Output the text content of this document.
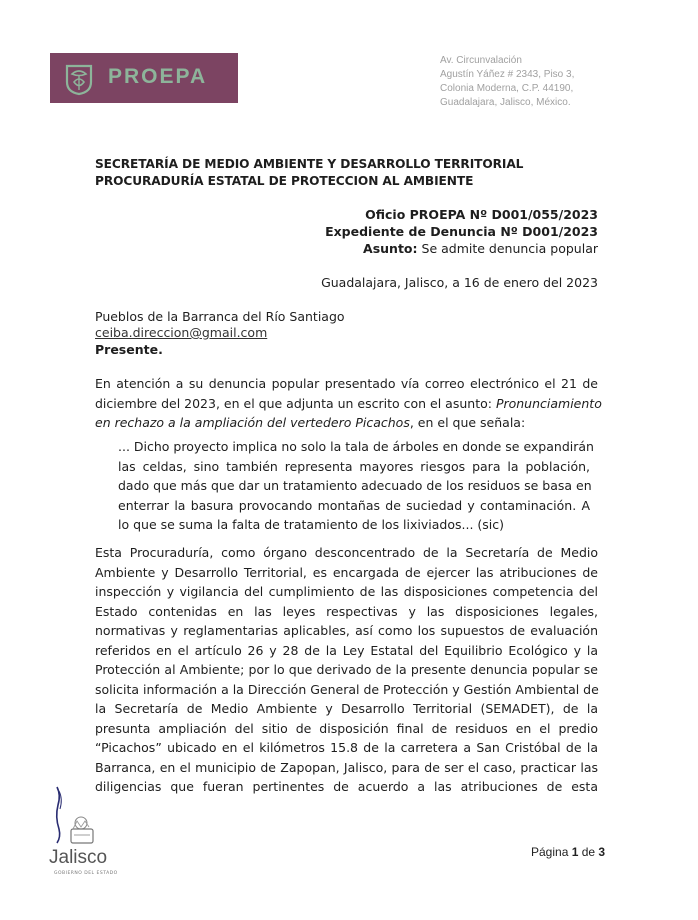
PROEPA
Av. Circunvalación
Agustín Yáñez # 2343, Piso 3,
Colonia Moderna, C.P. 44190,
Guadalajara, Jalisco, México.
SECRETARÍA DE MEDIO AMBIENTE Y DESARROLLO TERRITORIAL
PROCURADURÍA ESTATAL DE PROTECCION AL AMBIENTE
Oficio PROEPA Nº D001/055/2023
Expediente de Denuncia Nº D001/2023
Asunto: Se admite denuncia popular
Guadalajara, Jalisco, a 16 de enero del 2023
Pueblos de la Barranca del Río Santiago
ceiba.direccion@gmail.com
Presente.
En atención a su denuncia popular presentado vía correo electrónico el 21 de
diciembre del 2023, en el que adjunta un escrito con el asunto: Pronunciamiento
en rechazo a la ampliación del vertedero Picachos, en el que señala:
... Dicho proyecto implica no solo la tala de árboles en donde se expandirán
las celdas, sino también representa mayores riesgos para la población,
dado que más que dar un tratamiento adecuado de los residuos se basa en
enterrar la basura provocando montañas de suciedad y contaminación. A
lo que se suma la falta de tratamiento de los lixiviados... (sic)
Esta Procuraduría, como órgano desconcentrado de la Secretaría de Medio
Ambiente y Desarrollo Territorial, es encargada de ejercer las atribuciones de
inspección y vigilancia del cumplimiento de las disposiciones competencia del
Estado contenidas en las leyes respectivas y las disposiciones legales,
normativas y reglamentarias aplicables, así como los supuestos de evaluación
referidos en el artículo 26 y 28 de la Ley Estatal del Equilibrio Ecológico y la
Protección al Ambiente; por lo que derivado de la presente denuncia popular se
solicita información a la Dirección General de Protección y Gestión Ambiental de
la Secretaría de Medio Ambiente y Desarrollo Territorial (SEMADET), de la
presunta ampliación del sitio de disposición final de residuos en el predio
“Picachos” ubicado en el kilómetros 15.8 de la carretera a San Cristóbal de la
Barranca, en el municipio de Zapopan, Jalisco, para de ser el caso, practicar las
diligencias que fueran pertinentes de acuerdo a las atribuciones de esta
Jalisco
GOBIERNO DEL ESTADO
Página 1 de 3
